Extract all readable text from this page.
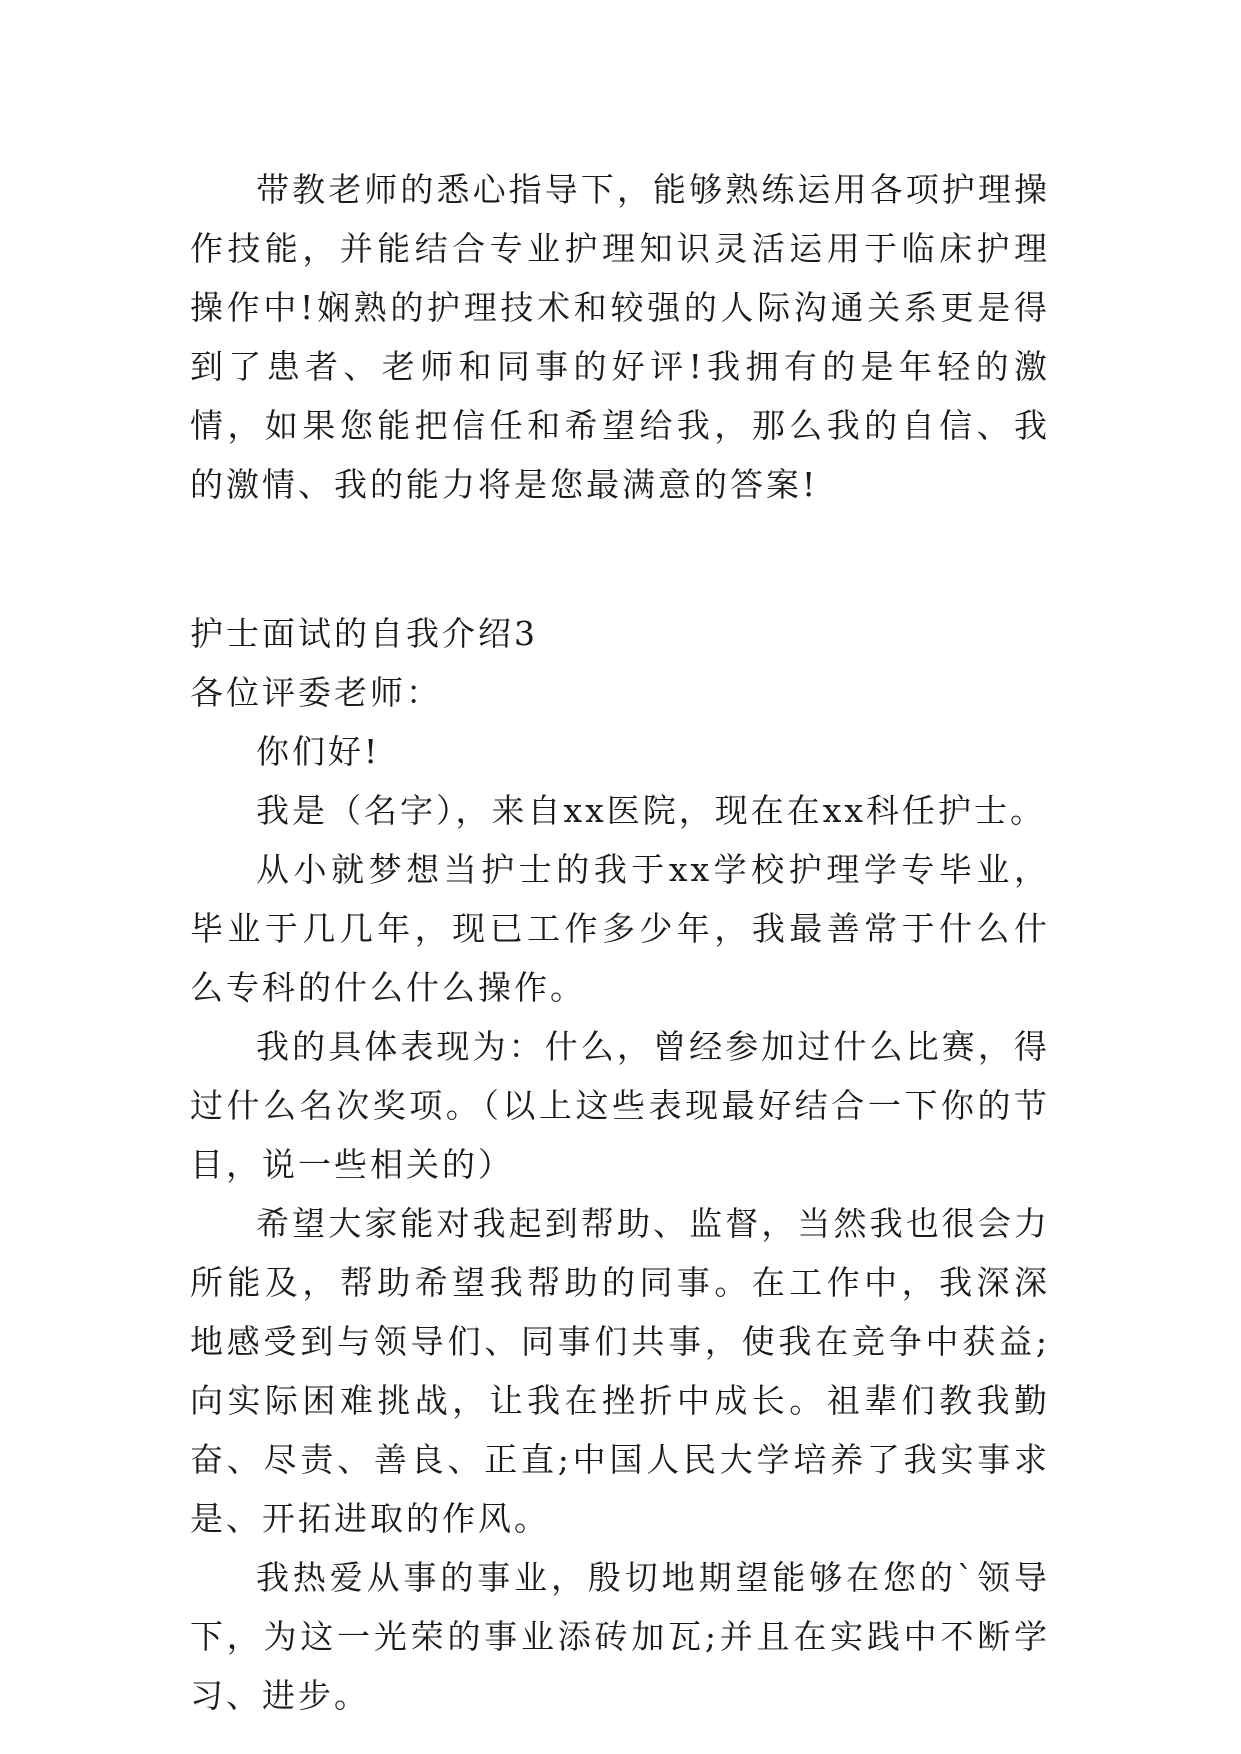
带教老师的悉心指导下，能够熟练运用各项护理操作技能，并能结合专业护理知识灵活运用于临床护理操作中!娴熟的护理技术和较强的人际沟通关系更是得到了患者、老师和同事的好评!我拥有的是年轻的激情，如果您能把信任和希望给我，那么我的自信、我的激情、我的能力将是您最满意的答案!

护士面试的自我介绍3

各位评委老师：

你们好!

我是（名字），来自xx医院，现在在xx科任护士。

从小就梦想当护士的我于xx学校护理学专毕业，毕业于几几年，现已工作多少年，我最善常于什么什么专科的什么什么操作。

我的具体表现为：什么，曾经参加过什么比赛，得过什么名次奖项。（以上这些表现最好结合一下你的节目，说一些相关的）

希望大家能对我起到帮助、监督，当然我也很会力所能及，帮助希望我帮助的同事。在工作中，我深深地感受到与领导们、同事们共事，使我在竞争中获益;向实际困难挑战，让我在挫折中成长。祖辈们教我勤奋、尽责、善良、正直;中国人民大学培养了我实事求是、开拓进取的作风。

我热爱从事的事业，殷切地期望能够在您的`领导下，为这一光荣的事业添砖加瓦;并且在实践中不断学习、进步。
